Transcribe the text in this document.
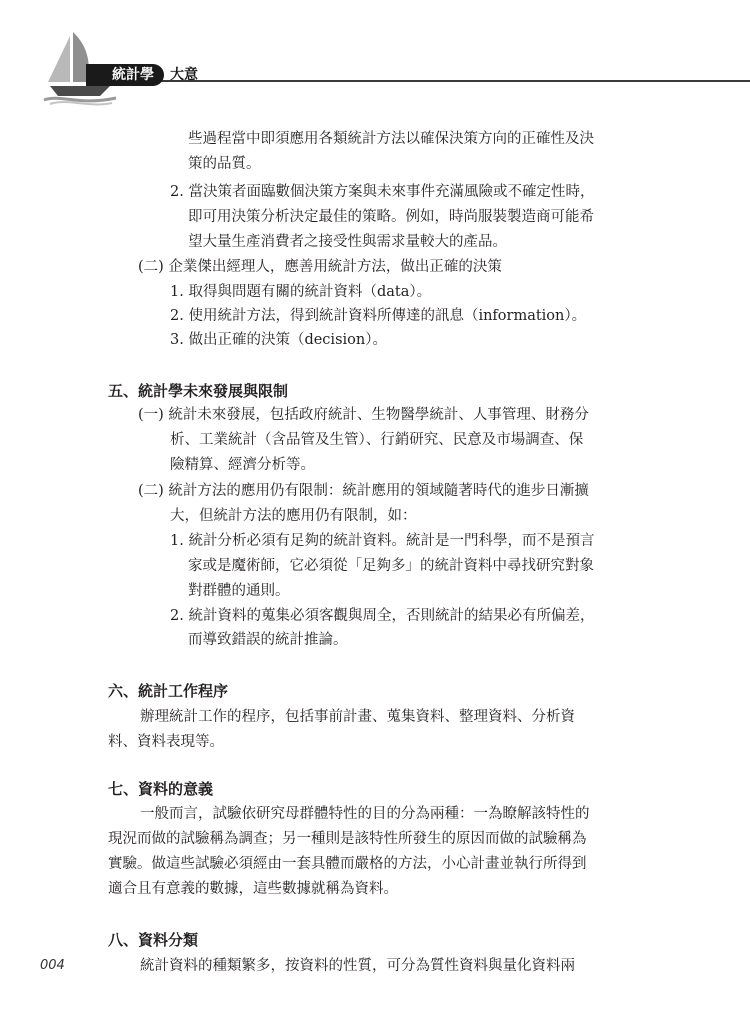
統計學 大意
些過程當中即須應用各類統計方法以確保決策方向的正確性及決
策的品質。
2. 當決策者面臨數個決策方案與未來事件充滿風險或不確定性時，
即可用決策分析決定最佳的策略。例如，時尚服裝製造商可能希
望大量生產消費者之接受性與需求量較大的產品。
(二) 企業傑出經理人，應善用統計方法，做出正確的決策
1. 取得與問題有關的統計資料（data）。
2. 使用統計方法，得到統計資料所傳達的訊息（information）。
3. 做出正確的決策（decision）。
五、統計學未來發展與限制
(一) 統計未來發展，包括政府統計、生物醫學統計、人事管理、財務分
析、工業統計（含品管及生管）、行銷研究、民意及市場調查、保
險精算、經濟分析等。
(二) 統計方法的應用仍有限制：統計應用的領域隨著時代的進步日漸擴
大，但統計方法的應用仍有限制，如：
1. 統計分析必須有足夠的統計資料。統計是一門科學，而不是預言
家或是魔術師，它必須從「足夠多」的統計資料中尋找研究對象
對群體的通則。
2. 統計資料的蒐集必須客觀與周全，否則統計的結果必有所偏差，
而導致錯誤的統計推論。
六、統計工作程序
辦理統計工作的程序，包括事前計畫、蒐集資料、整理資料、分析資
料、資料表現等。
七、資料的意義
一般而言，試驗依研究母群體特性的目的分為兩種：一為瞭解該特性的
現況而做的試驗稱為調查；另一種則是該特性所發生的原因而做的試驗稱為
實驗。做這些試驗必須經由一套具體而嚴格的方法，小心計畫並執行所得到
適合且有意義的數據，這些數據就稱為資料。
八、資料分類
統計資料的種類繁多，按資料的性質，可分為質性資料與量化資料兩
004
